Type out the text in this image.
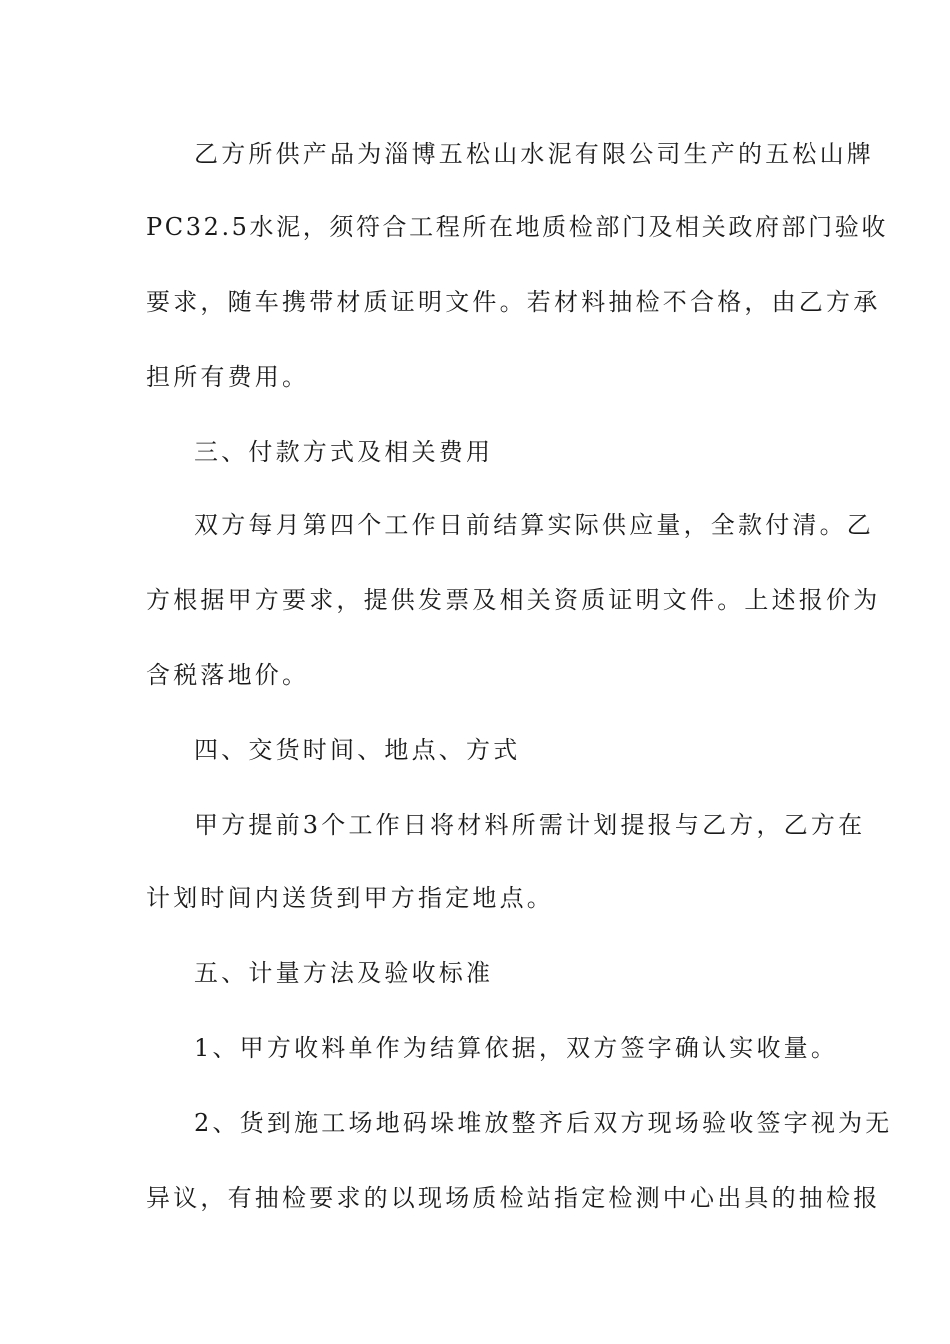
乙方所供产品为淄博五松山水泥有限公司生产的五松山牌
PC32.5水泥，须符合工程所在地质检部门及相关政府部门验收
要求，随车携带材质证明文件。若材料抽检不合格，由乙方承
担所有费用。
三、付款方式及相关费用
双方每月第四个工作日前结算实际供应量，全款付清。乙
方根据甲方要求，提供发票及相关资质证明文件。上述报价为
含税落地价。
四、交货时间、地点、方式
甲方提前3个工作日将材料所需计划提报与乙方，乙方在
计划时间内送货到甲方指定地点。
五、计量方法及验收标准
1、甲方收料单作为结算依据，双方签字确认实收量。
2、货到施工场地码垛堆放整齐后双方现场验收签字视为无
异议，有抽检要求的以现场质检站指定检测中心出具的抽检报
